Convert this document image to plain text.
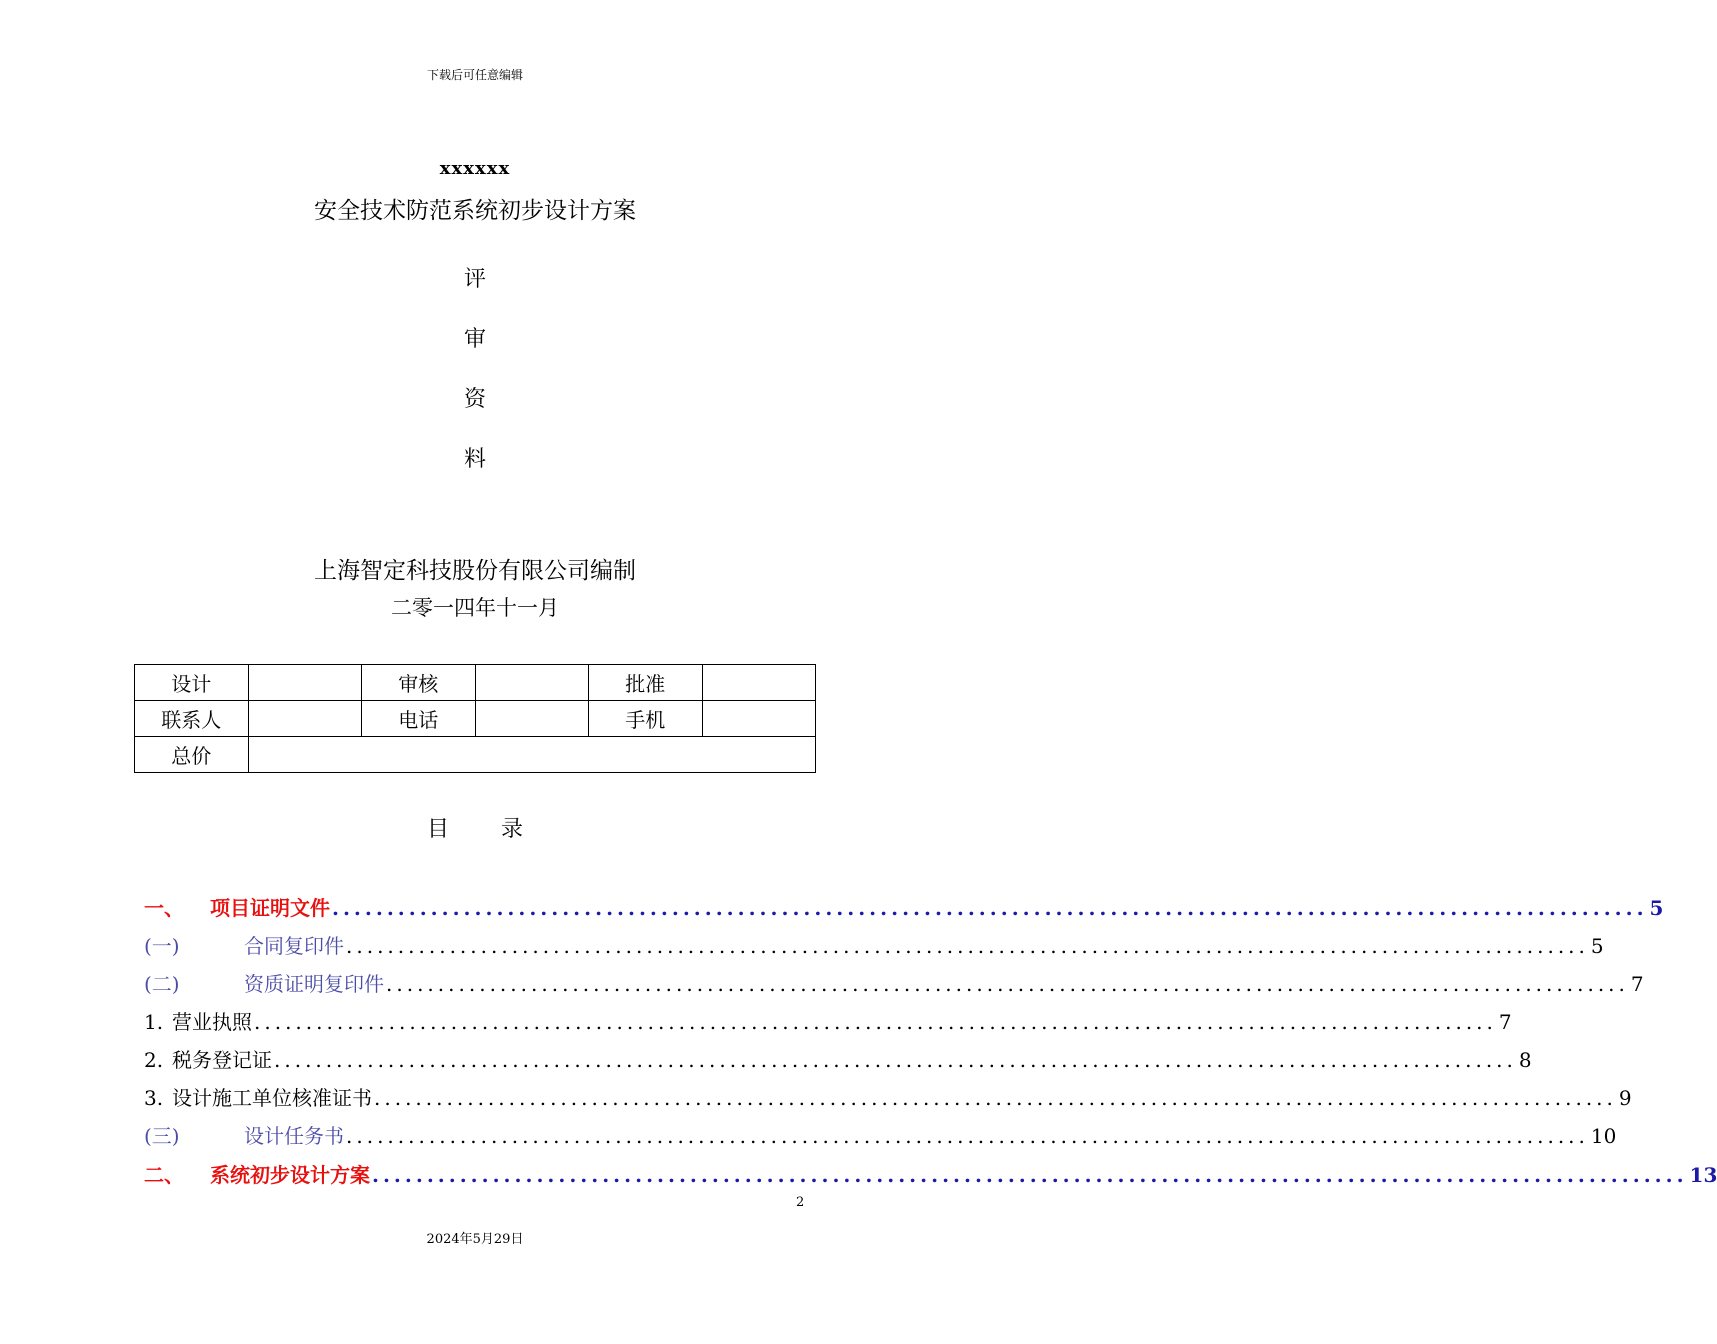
下载后可任意编辑
xxxxxx
安全技术防范系统初步设计方案
评
审
资
料
上海智定科技股份有限公司编制
二零一四年十一月
设计		审核		批准	
联系人		电话		手机	
总价					
目 录
一、	项目证明文件 ........................................................................................................................ 5
(一)	合同复印件 ........................................................................................................................ 5
(二)	资质证明复印件 ........................................................................................................................ 7
1. 营业执照 ........................................................................................................................ 7
2. 税务登记证 ........................................................................................................................ 8
3. 设计施工单位核准证书 ........................................................................................................................ 9
(三)	设计任务书 ........................................................................................................................ 10
二、	系统初步设计方案 ........................................................................................................................ 13
2
2024年5月29日
